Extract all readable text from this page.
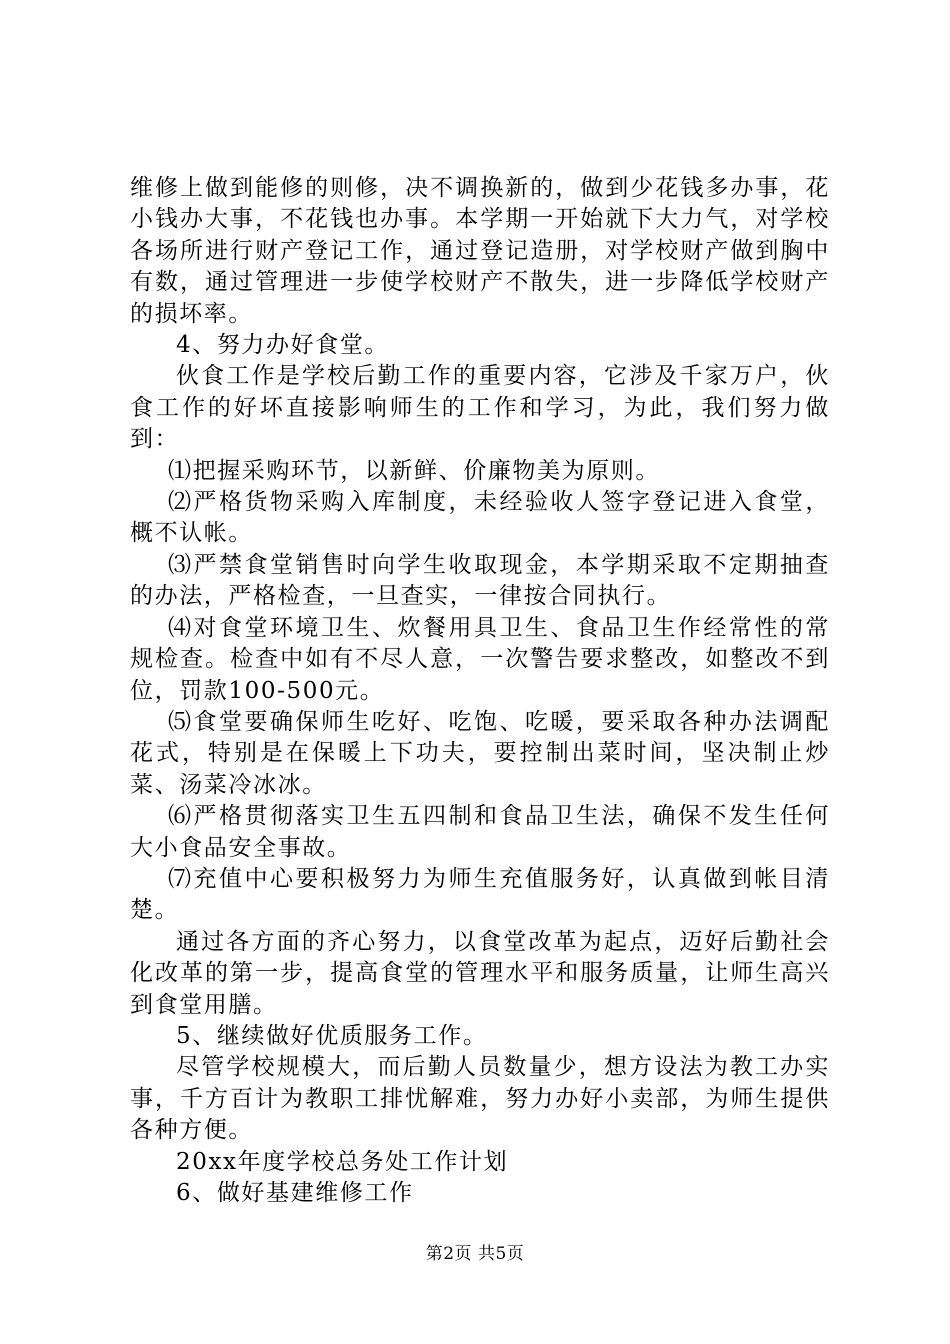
维修上做到能修的则修，决不调换新的，做到少花钱多办事，花小钱办大事，不花钱也办事。本学期一开始就下大力气，对学校各场所进行财产登记工作，通过登记造册，对学校财产做到胸中有数，通过管理进一步使学校财产不散失，进一步降低学校财产的损坏率。

4、努力办好食堂。

伙食工作是学校后勤工作的重要内容，它涉及千家万户，伙食工作的好坏直接影响师生的工作和学习，为此，我们努力做到：

⑴把握采购环节，以新鲜、价廉物美为原则。

⑵严格货物采购入库制度，未经验收人签字登记进入食堂，概不认帐。

⑶严禁食堂销售时向学生收取现金，本学期采取不定期抽查的办法，严格检查，一旦查实，一律按合同执行。

⑷对食堂环境卫生、炊餐用具卫生、食品卫生作经常性的常规检查。检查中如有不尽人意，一次警告要求整改，如整改不到位，罚款100-500元。

⑸食堂要确保师生吃好、吃饱、吃暖，要采取各种办法调配花式，特别是在保暖上下功夫，要控制出菜时间，坚决制止炒菜、汤菜冷冰冰。

⑹严格贯彻落实卫生五四制和食品卫生法，确保不发生任何大小食品安全事故。

⑺充值中心要积极努力为师生充值服务好，认真做到帐目清楚。

通过各方面的齐心努力，以食堂改革为起点，迈好后勤社会化改革的第一步，提高食堂的管理水平和服务质量，让师生高兴到食堂用膳。

5、继续做好优质服务工作。

尽管学校规模大，而后勤人员数量少，想方设法为教工办实事，千方百计为教职工排忧解难，努力办好小卖部，为师生提供各种方便。

20xx年度学校总务处工作计划

6、做好基建维修工作

第2页 共5页
